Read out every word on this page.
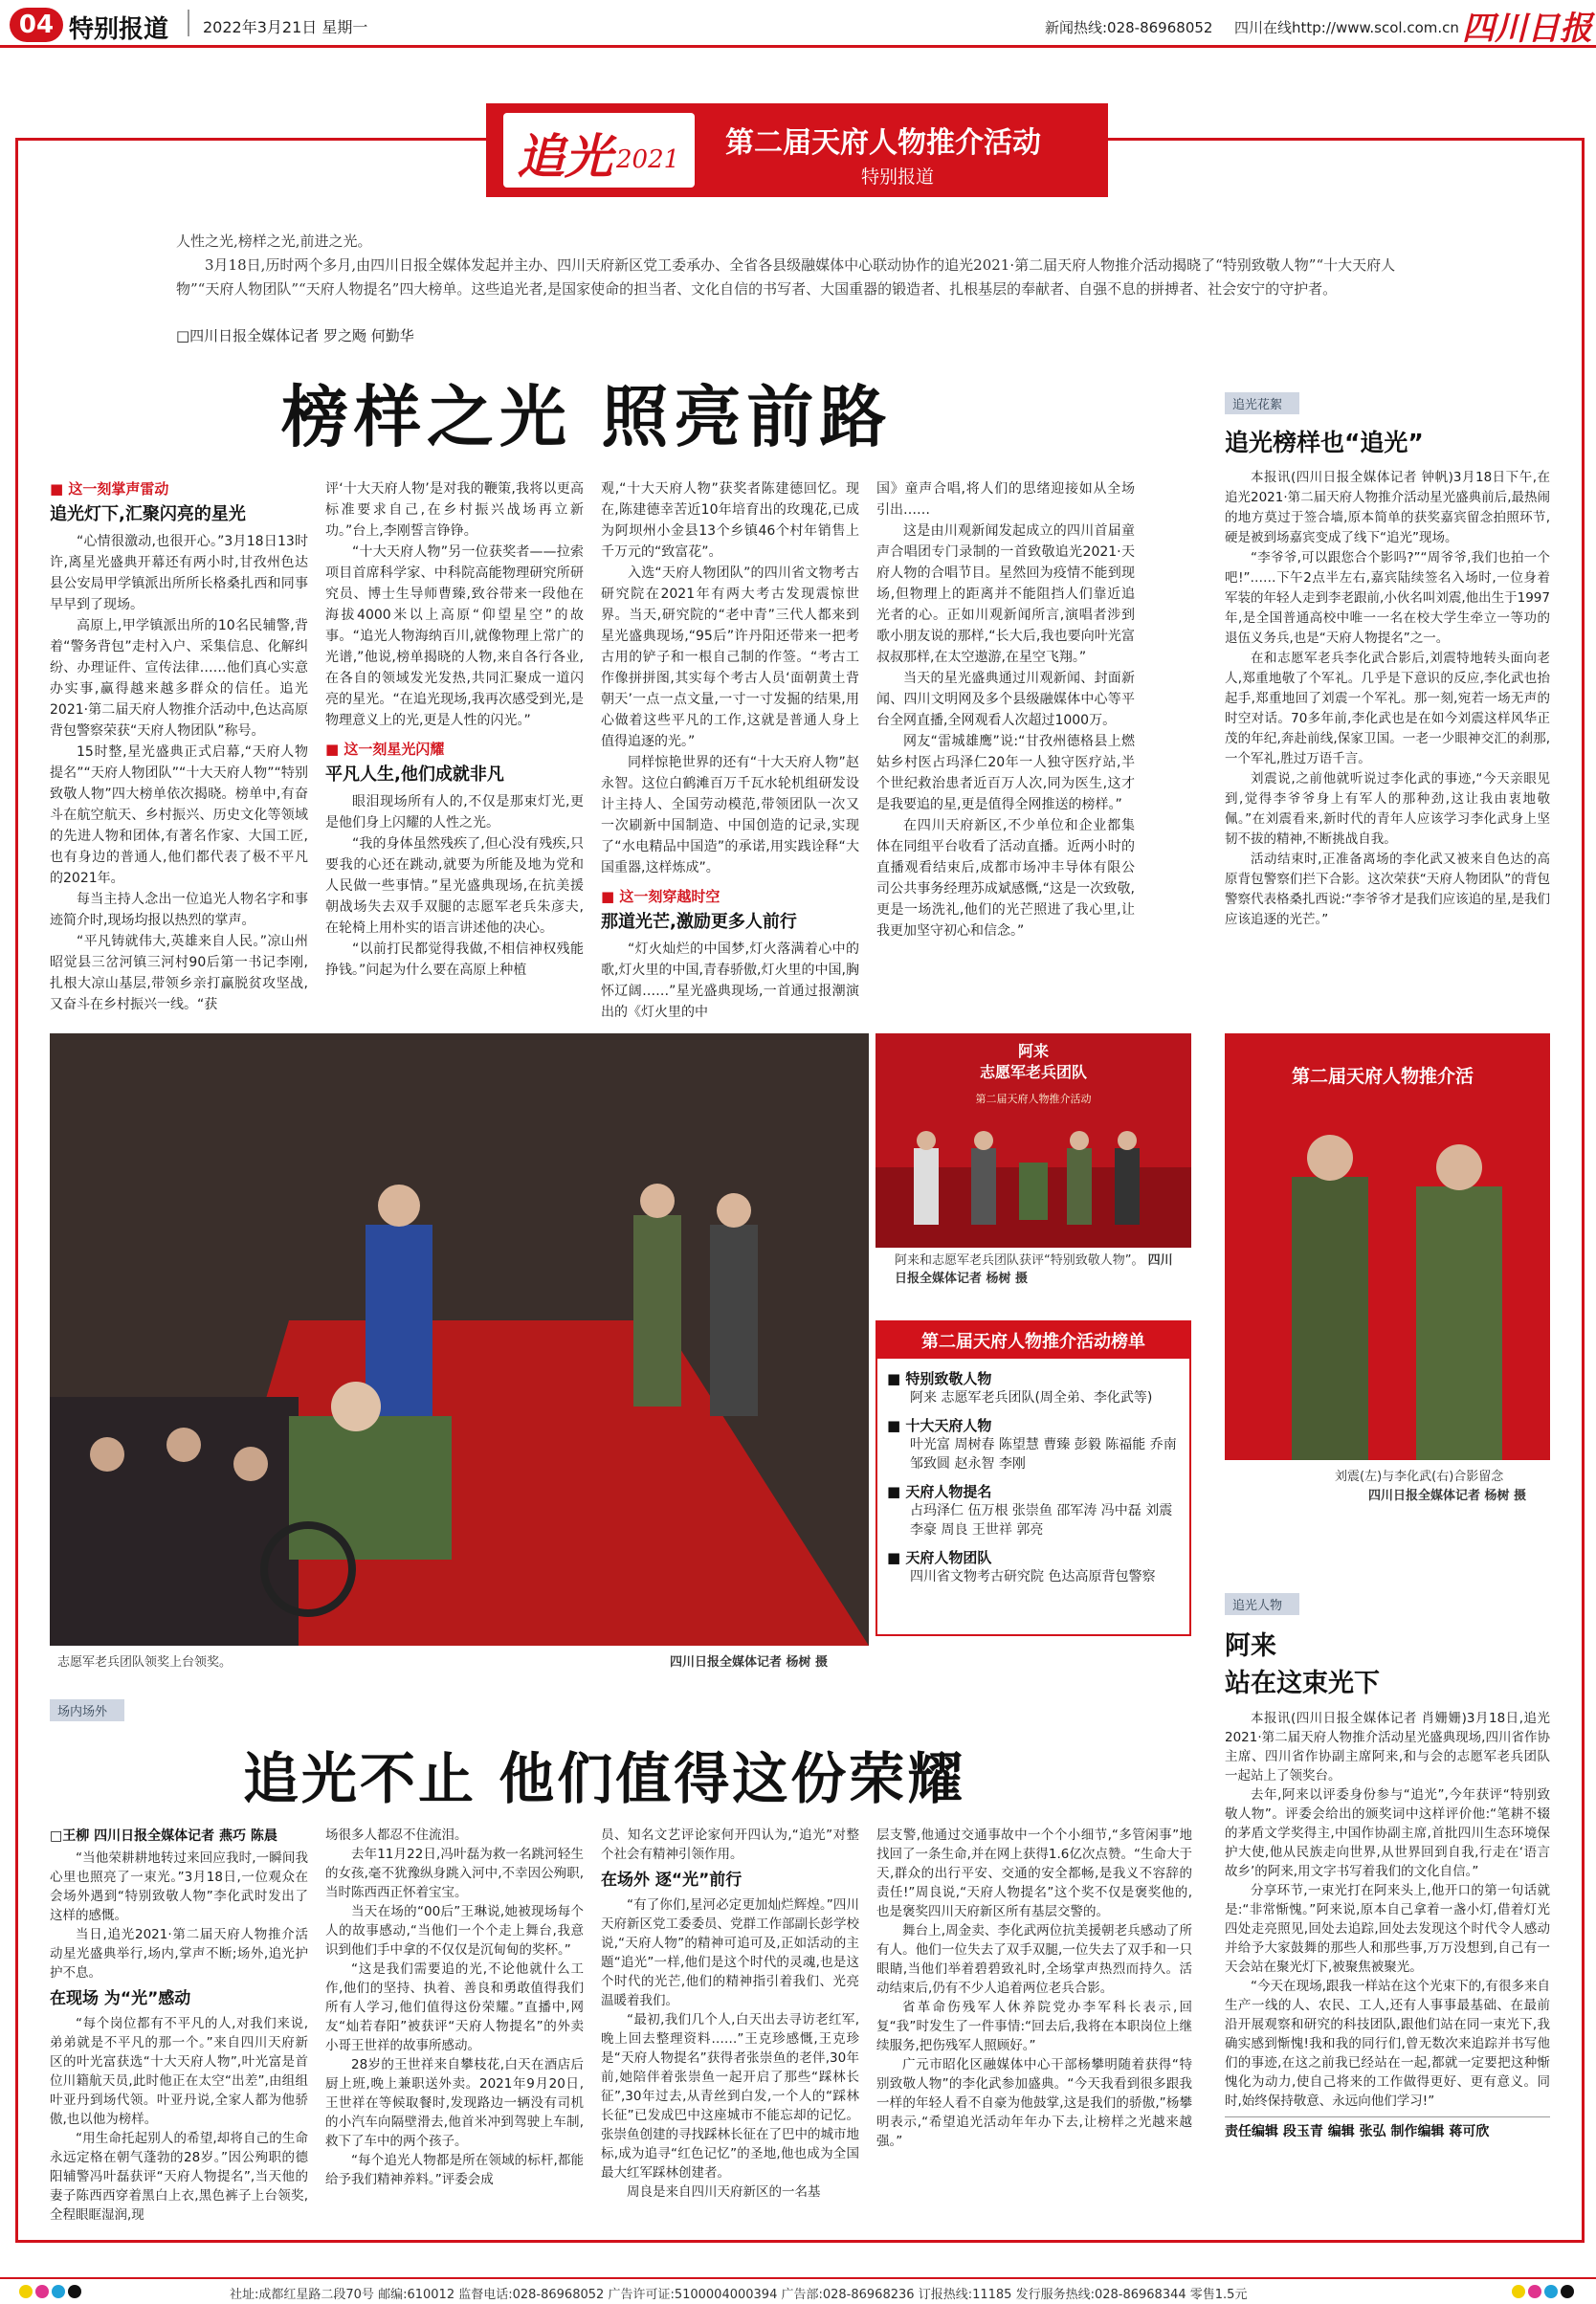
04 特别报道 2022年3月21日 星期一	新闻热线:028-86968052 四川在线http://www.scol.com.cn 四川日报
追光 2021 第二届天府人物推介活动
特别报道
人性之光,榜样之光,前进之光。
3月18日,历时两个多月,由四川日报全媒体发起并主办、四川天府新区党工委承办、全省各县级融媒体中心联动协作的追光2021·第二届天府人物推介活动揭晓了“特别致敬人物”“十大天府人物”“天府人物团队”“天府人物提名”四大榜单。这些追光者,是国家使命的担当者、文化自信的书写者、大国重器的锻造者、扎根基层的奉献者、自强不息的拼搏者、社会安宁的守护者。
□四川日报全媒体记者 罗之飏 何勤华
榜样之光 照亮前路
■ 这一刻掌声雷动
追光灯下,汇聚闪亮的星光

“心情很激动,也很开心。”3月18日13时许,离星光盛典开幕还有两小时,甘孜州色达县公安局甲学镇派出所所长格桑扎西和同事早早到了现场。

高原上,甲学镇派出所的10名民辅警,背着“警务背包”走村入户、采集信息、化解纠纷、办理证件、宣传法律……他们真心实意办实事,赢得越来越多群众的信任。追光2021·第二届天府人物推介活动中,色达高原背包警察荣获“天府人物团队”称号。

15时整,星光盛典正式启幕,“天府人物提名”“天府人物团队”“十大天府人物”“特别致敬人物”四大榜单依次揭晓。榜单中,有奋斗在航空航天、乡村振兴、历史文化等领域的先进人物和团体,有著名作家、大国工匠,也有身边的普通人,他们都代表了极不平凡的2021年。

每当主持人念出一位追光人物名字和事迹简介时,现场均报以热烈的掌声。

“平凡铸就伟大,英雄来自人民。”凉山州昭觉县三岔河镇三河村90后第一书记李刚,扎根大凉山基层,带领乡亲打赢脱贫攻坚战,又奋斗在乡村振兴一线。“获

评‘十大天府人物’是对我的鞭策,我将以更高标准要求自己,在乡村振兴战场再立新功。”台上,李刚誓言铮铮。

“十大天府人物”另一位获奖者——拉索项目首席科学家、中科院高能物理研究所研究员、博士生导师曹臻,致谷带来一段他在海拔4000米以上高原“仰望星空”的故事。“追光人物海纳百川,就像物理上常广的光谱,”他说,榜单揭晓的人物,来自各行各业,在各自的领域发光发热,共同汇聚成一道闪亮的星光。“在追光现场,我再次感受到光,是物理意义上的光,更是人性的闪光。”

■ 这一刻星光闪耀
平凡人生,他们成就非凡

眼泪现场所有人的,不仅是那束灯光,更是他们身上闪耀的人性之光。

“我的身体虽然残疾了,但心没有残疾,只要我的心还在跳动,就要为所能及地为党和人民做一些事情。”星光盛典现场,在抗美援朝战场失去双手双腿的志愿军老兵朱彦夫,在轮椅上用朴实的语言讲述他的决心。

“以前打民都觉得我做,不相信神权残能挣钱。”问起为什么要在高原上种植

观,“十大天府人物”获奖者陈建德回忆。现在,陈建德幸苦近10年培育出的玫瑰花,已成为阿坝州小金县13个乡镇46个村年销售上千万元的“致富花”。

入选“天府人物团队”的四川省文物考古研究院在2021年有两大考古发现震惊世界。当天,研究院的“老中青”三代人都来到星光盛典现场,“95后”许丹阳还带来一把考古用的铲子和一根自己制的作签。“考古工作像拼拼图,其实每个考古人员‘面朝黄土背朝天’一点一点文量,一寸一寸发掘的结果,用心做着这些平凡的工作,这就是普通人身上值得追逐的光。”

同样惊艳世界的还有“十大天府人物”赵永智。这位白鹤滩百万千瓦水轮机组研发设计主持人、全国劳动模范,带领团队一次又一次刷新中国制造、中国创造的记录,实现了“水电精品中国造”的承诺,用实践诠释“大国重器,这样炼成”。

■ 这一刻穿越时空
那道光芒,激励更多人前行

“灯火灿烂的中国梦,灯火落满着心中的歌,灯火里的中国,青春骄傲,灯火里的中国,胸怀辽阔……”星光盛典现场,一首通过报潮演出的《灯火里的中

国》童声合唱,将人们的思绪迎接如从全场引出……

这是由川观新闻发起成立的四川首届童声合唱团专门录制的一首致敬追光2021·天府人物的合唱节目。星然回为疫情不能到现场,但物理上的距离并不能阻挡人们靠近追光者的心。正如川观新闻所言,演唱者涉到歌小朋友说的那样,“长大后,我也要向叶光富叔叔那样,在太空遨游,在星空飞翔。”

当天的星光盛典通过川观新闻、封面新闻、四川文明网及多个县级融媒体中心等平台全网直播,全网观看人次超过1000万。

网友“雷城雄鹰”说:“甘孜州德格县上燃姑乡村医占玛泽仁20年一人独守医疗站,半个世纪救治患者近百万人次,同为医生,这才是我要追的星,更是值得全网推送的榜样。”

在四川天府新区,不少单位和企业都集体在同组平台收看了活动直播。近两小时的直播观看结束后,成都市场冲丰导体有限公司公共事务经理苏成斌感慨,“这是一次致敬,更是一场洗礼,他们的光芒照进了我心里,让我更加坚守初心和信念。”

追光花絮
追光榜样也“追光”

本报讯(四川日报全媒体记者 钟帆)3月18日下午,在追光2021·第二届天府人物推介活动星光盛典前后,最热闹的地方莫过于签合墙,原本简单的获奖嘉宾留念拍照环节,硬是被到场嘉宾变成了线下“追光”现场。

“李爷爷,可以跟您合个影吗?”“周爷爷,我们也拍一个吧!”……下午2点半左右,嘉宾陆续签名入场时,一位身着军装的年轻人走到李老跟前,小伙名叫刘震,他出生于1997年,是全国普通高校中唯一一名在校大学生牵立一等功的退伍义务兵,也是“天府人物提名”之一。

在和志愿军老兵李化武合影后,刘震特地转头面向老人,郑重地敬了个军礼。几乎是下意识的反应,李化武也抬起手,郑重地回了刘震一个军礼。那一刻,宛若一场无声的时空对话。70多年前,李化武也是在如今刘震这样风华正茂的年纪,奔赴前线,保家卫国。一老一少眼神交汇的刹那,一个军礼,胜过万语千言。

刘震说,之前他就听说过李化武的事迹,“今天亲眼见到,觉得李爷爷身上有军人的那种劲,这让我由衷地敬佩。”在刘震看来,新时代的青年人应该学习李化武身上坚韧不拔的精神,不断挑战自我。

活动结束时,正准备离场的李化武又被来自色达的高原背包警察们拦下合影。这次荣获“天府人物团队”的背包警察代表格桑扎西说:“李爷爷才是我们应该追的星,是我们应该追逐的光芒。”

志愿军老兵团队领奖上台领奖。	四川日报全媒体记者 杨树 摄
阿来
志愿军老兵团队
第二届天府人物推介活动
阿来和志愿军老兵团队获评“特别致敬人物”。 四川日报全媒体记者 杨树 摄
第二届天府人物推介活
刘震(左)与李化武(右)合影留念
四川日报全媒体记者 杨树 摄
第二届天府人物推介活动榜单
■ 特别致敬人物
阿来 志愿军老兵团队(周全弟、李化武等)
■ 十大天府人物
叶光富 周树春 陈望慧 曹臻 彭毅 陈福能 乔南 邹致圆 赵永智 李刚
■ 天府人物提名
占玛泽仁 伍万根 张崇鱼 邵军涛 冯中磊 刘震 李豪 周良 王世祥 郭亮
■ 天府人物团队
四川省文物考古研究院 色达高原背包警察
追光人物
阿来
站在这束光下

本报讯(四川日报全媒体记者 肖姗姗)3月18日,追光2021·第二届天府人物推介活动星光盛典现场,四川省作协主席、四川省作协副主席阿来,和与会的志愿军老兵团队一起站上了领奖台。

去年,阿来以评委身份参与“追光”,今年获评“特别致敬人物”。评委会给出的颁奖词中这样评价他:“笔耕不辍的茅盾文学奖得主,中国作协副主席,首批四川生态环境保护大使,他从民族走向世界,从世界回到自我,行走在‘语言故乡’的阿来,用文字书写着我们的文化自信。”

分享环节,一束光打在阿来头上,他开口的第一句话就是:“非常惭愧。”阿来说,原本自己拿着一盏小灯,借着灯光四处走亮照见,回处去追踪,回处去发现这个时代令人感动并给予大家鼓舞的那些人和那些事,万万没想到,自己有一天会站在聚光灯下,被聚焦被聚光。

“今天在现场,跟我一样站在这个光束下的,有很多来自生产一线的人、农民、工人,还有人事事最基础、在最前沿开展观察和研究的科技团队,跟他们站在同一束光下,我确实感到惭愧!我和我的同行们,曾无数次来追踪并书写他们的事迹,在这之前我已经站在一起,都就一定要把这种惭愧化为动力,使自己将来的工作做得更好、更有意义。同时,始终保持敬意、永远向他们学习!”

责任编辑 段玉青 编辑 张弘 制作编辑 蒋可欣
场内场外
追光不止 他们值得这份荣耀
□王柳 四川日报全媒体记者 燕巧 陈晨

“当他荣耕耕地转过来回应我时,一瞬间我心里也照亮了一束光。”3月18日,一位观众在会场外遇到“特别致敬人物”李化武时发出了这样的感慨。

当日,追光2021·第二届天府人物推介活动星光盛典举行,场内,掌声不断;场外,追光护护不息。

在现场 为“光”感动

“每个岗位都有不平凡的人,对我们来说,弟弟就是不平凡的那一个。”来自四川天府新区的叶光富获选“十大天府人物”,叶光富是首位川籍航天员,此时他正在太空“出差”,由组组叶亚丹到场代领。叶亚丹说,全家人都为他骄傲,也以他为榜样。

“用生命托起别人的希望,却将自己的生命永远定格在朝气蓬勃的28岁。”因公殉职的德阳辅警冯叶磊获评“天府人物提名”,当天他的妻子陈西西穿着黑白上衣,黑色裤子上台领奖,全程眼眶湿润,现

场很多人都忍不住流泪。

去年11月22日,冯叶磊为救一名跳河轻生的女孩,毫不犹豫纵身跳入河中,不幸因公殉职,当时陈西西正怀着宝宝。

当天在场的“00后”王琳说,她被现场每个人的故事感动,“当他们一个个走上舞台,我意识到他们手中拿的不仅仅是沉甸甸的奖杯。”

“这是我们需要追的光,不论他就什么工作,他们的坚持、执着、善良和勇敢值得我们所有人学习,他们值得这份荣耀。”直播中,网友“灿若春阳”被获评“天府人物提名”的外卖小哥王世祥的故事所感动。

28岁的王世祥来自攀枝花,白天在酒店后厨上班,晚上兼职送外卖。2021年9月20日,王世祥在等候取餐时,发现路边一辆没有司机的小汽车向隔壁滑去,他首米冲到驾驶上车制,救下了车中的两个孩子。

“每个追光人物都是所在领域的标杆,都能给予我们精神养料。”评委会成

员、知名文艺评论家何开四认为,“追光”对整个社会有精神引领作用。

在场外 逐“光”前行

“有了你们,星河必定更加灿烂辉煌。”四川天府新区党工委委员、党群工作部副长彭学校说,“天府人物”的精神可追可及,正如活动的主题“追光”一样,他们是这个时代的灵魂,也是这个时代的光芒,他们的精神指引着我们、光亮温暖着我们。

“最初,我们几个人,白天出去寻访老红军,晚上回去整理资料……”王克珍感慨,王克珍是“天府人物提名”获得者张崇鱼的老伴,30年前,她陪伴着张崇鱼一起开启了那些“踩林长征”,30年过去,从青丝到白发,一个人的“踩林长征”已发成巴中这座城市不能忘却的记忆。张崇鱼创建的寻找踩林长征在了巴中的城市地标,成为追寻“红色记忆”的圣地,他也成为全国最大红军踩林创建者。

周良是来自四川天府新区的一名基

层支警,他通过交通事故中一个个小细节,“多管闲事”地找回了一条生命,并在网上获得1.6亿次点赞。“生命大于天,群众的出行平安、交通的安全都畅,是我义不容辞的责任!”周良说,“天府人物提名”这个奖不仅是褒奖他的,也是褒奖四川天府新区所有基层交警的。

舞台上,周金卖、李化武两位抗美援朝老兵感动了所有人。他们一位失去了双手双腿,一位失去了双手和一只眼睛,当他们举着碧碧致礼时,全场掌声热烈而持久。活动结束后,仍有不少人追着两位老兵合影。

省革命伤残军人休养院党办李军科长表示,回复“我”时发生了一件事情:“回去后,我将在本职岗位上继续服务,把伤残军人照顾好。”

广元市昭化区融媒体中心干部杨攀明随着获得“特别致敬人物”的李化武参加盛典。“今天我看到很多跟我一样的年轻人看不自豪为他鼓掌,这是我们的骄傲,”杨攀明表示,“希望追光活动年年办下去,让榜样之光越来越强。”

社址:成都红星路二段70号 邮编:610012 监督电话:028-86968052 广告许可证:5100004000394 广告部:028-86968236 订报热线:11185 发行服务热线:028-86968344 零售1.5元
